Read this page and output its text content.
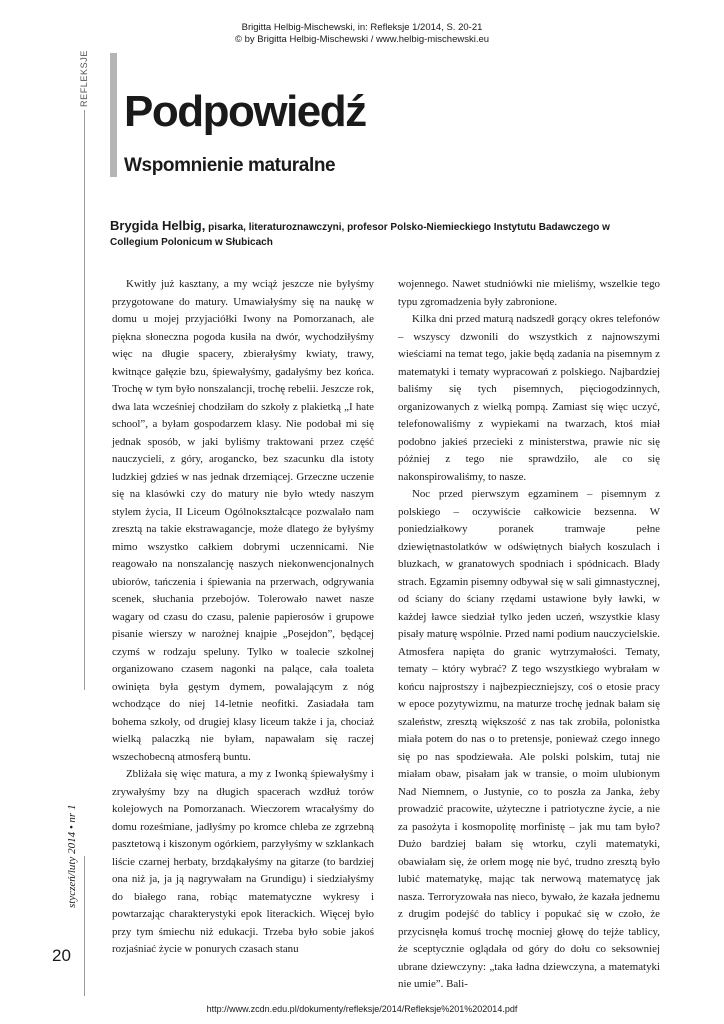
Brigitta Helbig-Mischewski, in: Refleksje 1/2014, S. 20-21
© by Brigitta Helbig-Mischewski / www.helbig-mischewski.eu
REFLEKSJE
Podpowiedź
Wspomnienie maturalne
Brygida Helbig, pisarka, literaturoznawczyni, profesor Polsko-Niemieckiego Instytutu Badawczego w Collegium Polonicum w Słubicach

Kwitły już kasztany, a my wciąż jeszcze nie byłyśmy przygotowane do matury. Umawiałyśmy się na naukę w domu u mojej przyjaciółki Iwony na Pomorzanach, ale piękna słoneczna pogoda kusiła na dwór, wychodziłyśmy więc na długie spacery, zbierałyśmy kwiaty, trawy, kwitnące gałęzie bzu, śpiewałyśmy, gadałyśmy bez końca. Trochę w tym było nonszalancji, trochę rebelii. Jeszcze rok, dwa lata wcześniej chodziłam do szkoły z plakietką „I hate school”, a byłam gospodarzem klasy. Nie podobał mi się jednak sposób, w jaki byliśmy traktowani przez część nauczycieli, z góry, arogancko, bez szacunku dla istoty ludzkiej gdzieś w nas jednak drzemiącej. Grzeczne uczenie się na klasówki czy do matury nie było wtedy naszym stylem życia, II Liceum Ogólnokształcące pozwalało nam zresztą na takie ekstrawagancje, może dlatego że byłyśmy mimo wszystko całkiem dobrymi uczennicami. Nie reagowało na nonszalancję naszych niekonwencjonalnych ubiorów, tańczenia i śpiewania na przerwach, odgrywania scenek, słuchania przebojów. Tolerowało nawet nasze wagary od czasu do czasu, palenie papierosów i grupowe pisanie wierszy w narożnej knajpie „Posejdon”, będącej czymś w rodzaju speluny. Tylko w toalecie szkolnej organizowano czasem nagonki na palące, cała toaleta owinięta była gęstym dymem, powalającym z nóg wchodzące do niej 14-letnie neofitki. Zasiadała tam bohema szkoły, od drugiej klasy liceum także i ja, chociaż wielką palaczką nie byłam, napawałam się raczej wszechobecną atmosferą buntu.

Zbliżała się więc matura, a my z Iwonką śpiewałyśmy i zrywałyśmy bzy na długich spacerach wzdłuż torów kolejowych na Pomorzanach. Wieczorem wracałyśmy do domu roześmiane, jadłyśmy po kromce chleba ze zgrzebną pasztetową i kiszonym ogórkiem, parzyłyśmy w szklankach liście czarnej herbaty, brzdąkałyśmy na gitarze (to bardziej ona niż ja, ja ją nagrywałam na Grundigu) i siedziałyśmy do białego rana, robiąc matematyczne wykresy i powtarzając charakterystyki epok literackich. Więcej było przy tym śmiechu niż edukacji. Trzeba było sobie jakoś rozjaśniać życie w ponurych czasach stanu

wojennego. Nawet studniówki nie mieliśmy, wszelkie tego typu zgromadzenia były zabronione.

Kilka dni przed maturą nadszedł gorący okres telefonów – wszyscy dzwonili do wszystkich z najnowszymi wieściami na temat tego, jakie będą zadania na pisemnym z matematyki i tematy wypracowań z polskiego. Najbardziej baliśmy się tych pisemnych, pięciogodzinnych, organizowanych z wielką pompą. Zamiast się więc uczyć, telefonowaliśmy z wypiekami na twarzach, ktoś miał podobno jakieś przecieki z ministerstwa, prawie nic się później z tego nie sprawdziło, ale co się nakonspirowaliśmy, to nasze.

Noc przed pierwszym egzaminem – pisemnym z polskiego – oczywiście całkowicie bezsenna. W poniedziałkowy poranek tramwaje pełne dziewiętnastolatków w odświętnych białych koszulach i bluzkach, w granatowych spodniach i spódnicach. Blady strach. Egzamin pisemny odbywał się w sali gimnastycznej, od ściany do ściany rzędami ustawione były ławki, w każdej ławce siedział tylko jeden uczeń, wszystkie klasy pisały maturę wspólnie. Przed nami podium nauczycielskie. Atmosfera napięta do granic wytrzymałości. Tematy, tematy – który wybrać? Z tego wszystkiego wybrałam w końcu najprostszy i najbezpieczniejszy, coś o etosie pracy w epoce pozytywizmu, na maturze trochę jednak bałam się szaleństw, zresztą większość z nas tak zrobiła, polonistka miała potem do nas o to pretensje, ponieważ czego innego się po nas spodziewała. Ale polski polskim, tutaj nie miałam obaw, pisałam jak w transie, o moim ulubionym Nad Niemnem, o Justynie, co to poszła za Janka, żeby prowadzić pracowite, użyteczne i patriotyczne życie, a nie za pasożyta i kosmopolitę morfinistę – jak mu tam było? Dużo bardziej bałam się wtorku, czyli matematyki, obawiałam się, że orłem mogę nie być, trudno zresztą było lubić matematykę, mając tak nerwową matematycę jak nasza. Terroryzowała nas nieco, bywało, że kazała jednemu z drugim podejść do tablicy i popukać się w czoło, że przycisnęła komuś trochę mocniej głowę do tejże tablicy, że sceptycznie oglądała od góry do dołu co seksowniej ubrane dziewczyny: „taka ładna dziewczyna, a matematyki nie umie”. Bali-

styczeń/luty 2014 • nr 1
20
http://www.zcdn.edu.pl/dokumenty/refleksje/2014/Refleksje%201%202014.pdf
